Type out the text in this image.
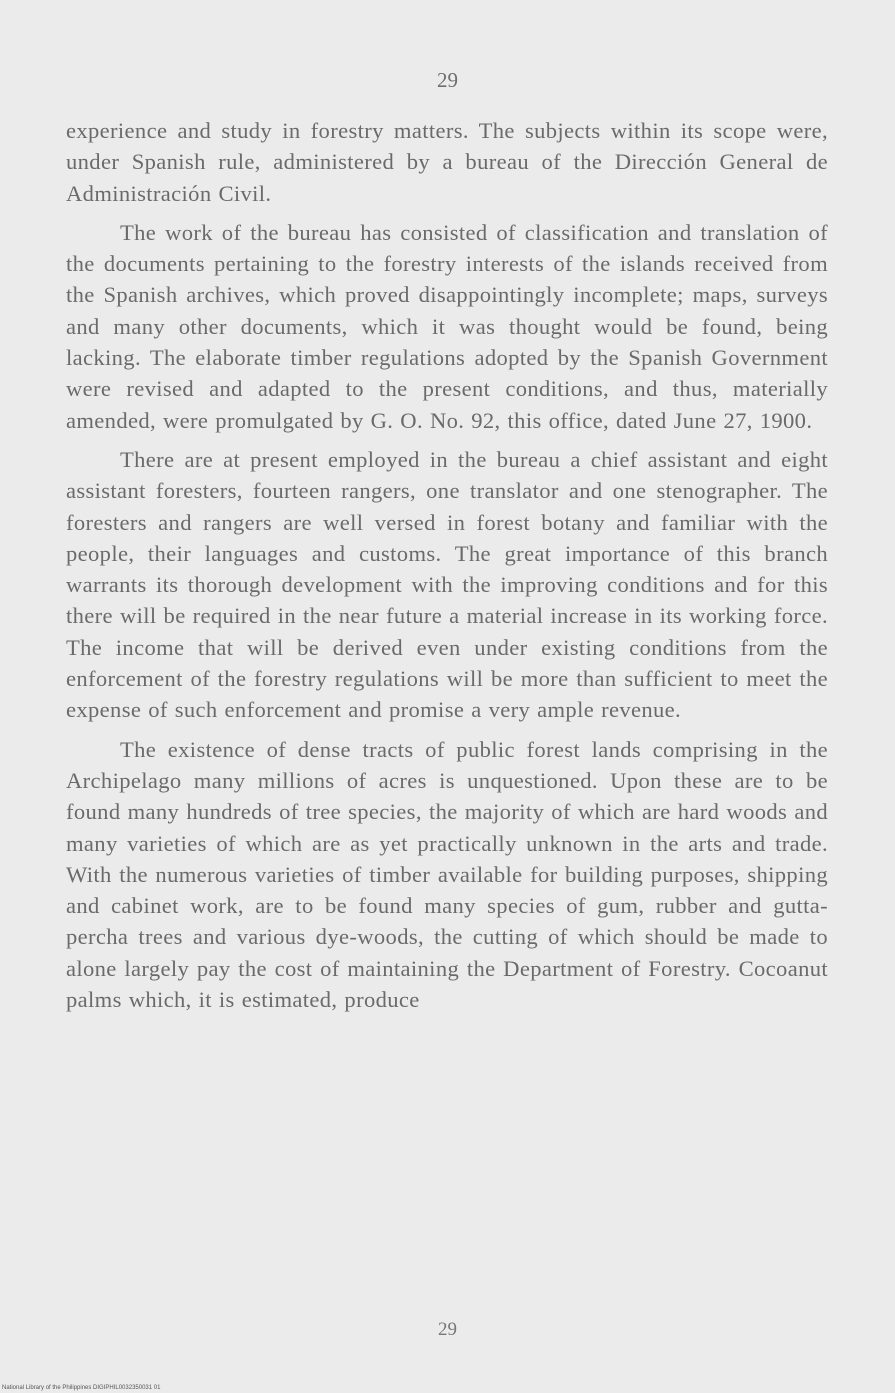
29

experience and study in forestry matters. The subjects within its scope were, under Spanish rule, administered by a bureau of the Dirección General de Administración Civil.

The work of the bureau has consisted of classification and translation of the documents pertaining to the forestry interests of the islands received from the Spanish archives, which proved disappointingly incomplete; maps, surveys and many other documents, which it was thought would be found, being lacking. The elaborate timber regulations adopted by the Spanish Government were revised and adapted to the present conditions, and thus, materially amended, were promulgated by G. O. No. 92, this office, dated June 27, 1900.

There are at present employed in the bureau a chief assistant and eight assistant foresters, fourteen rangers, one translator and one stenographer. The foresters and rangers are well versed in forest botany and familiar with the people, their languages and customs. The great importance of this branch warrants its thorough development with the improving conditions and for this there will be required in the near future a material increase in its working force. The income that will be derived even under existing conditions from the enforcement of the forestry regulations will be more than sufficient to meet the expense of such enforcement and promise a very ample revenue.

The existence of dense tracts of public forest lands comprising in the Archipelago many millions of acres is unquestioned. Upon these are to be found many hundreds of tree species, the majority of which are hard woods and many varieties of which are as yet practically unknown in the arts and trade. With the numerous varieties of timber available for building purposes, shipping and cabinet work, are to be found many species of gum, rubber and gutta-percha trees and various dye-woods, the cutting of which should be made to alone largely pay the cost of maintaining the Department of Forestry. Cocoanut palms which, it is estimated, produce

29
National Library of the Philippines DIGIPHIL0032350031 01
